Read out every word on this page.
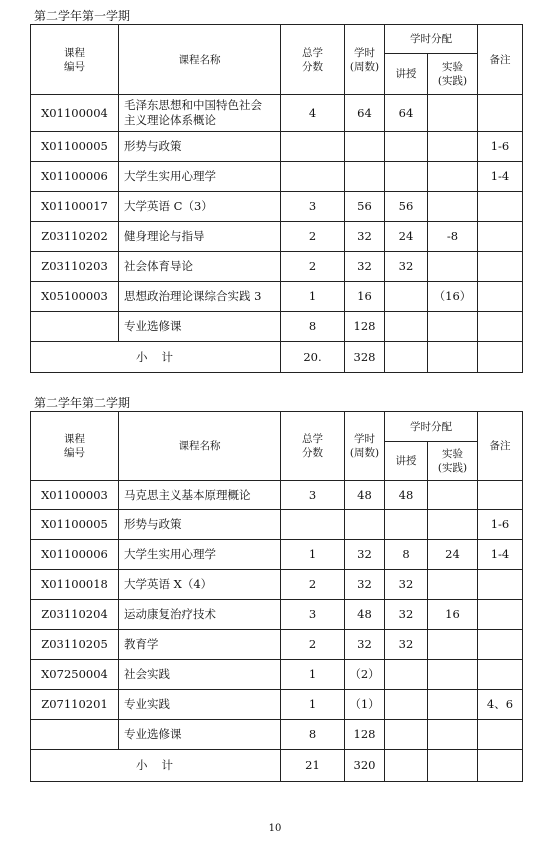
第二学年第一学期
课程
编号	课程名称	总学
分数	学时
(周数)	学时分配		备注
				讲授	实验
(实践)	
X01100004	毛泽东思想和中国特色社会
主义理论体系概论	4	64	64		
X01100005	形势与政策					1-6
X01100006	大学生实用心理学					1-4
X01100017	大学英语 C（3）	3	56	56		
Z03110202	健身理论与指导	2	32	24	-8	
Z03110203	社会体育导论	2	32	32		
X05100003	思想政治理论课综合实践 3	1	16		（16）	
	专业选修课	8	128			
小计		20.	328			
第二学年第二学期
课程
编号	课程名称	总学
分数	学时
(周数)	学时分配		备注
				讲授	实验
(实践)	
X01100003	马克思主义基本原理概论	3	48	48		
X01100005	形势与政策					1-6
X01100006	大学生实用心理学	1	32	8	24	1-4
X01100018	大学英语 X（4）	2	32	32		
Z03110204	运动康复治疗技术	3	48	32	16	
Z03110205	教育学	2	32	32		
X07250004	社会实践	1	（2）			
Z07110201	专业实践	1	（1）			4、6
	专业选修课	8	128			
小计		21	320			
10
